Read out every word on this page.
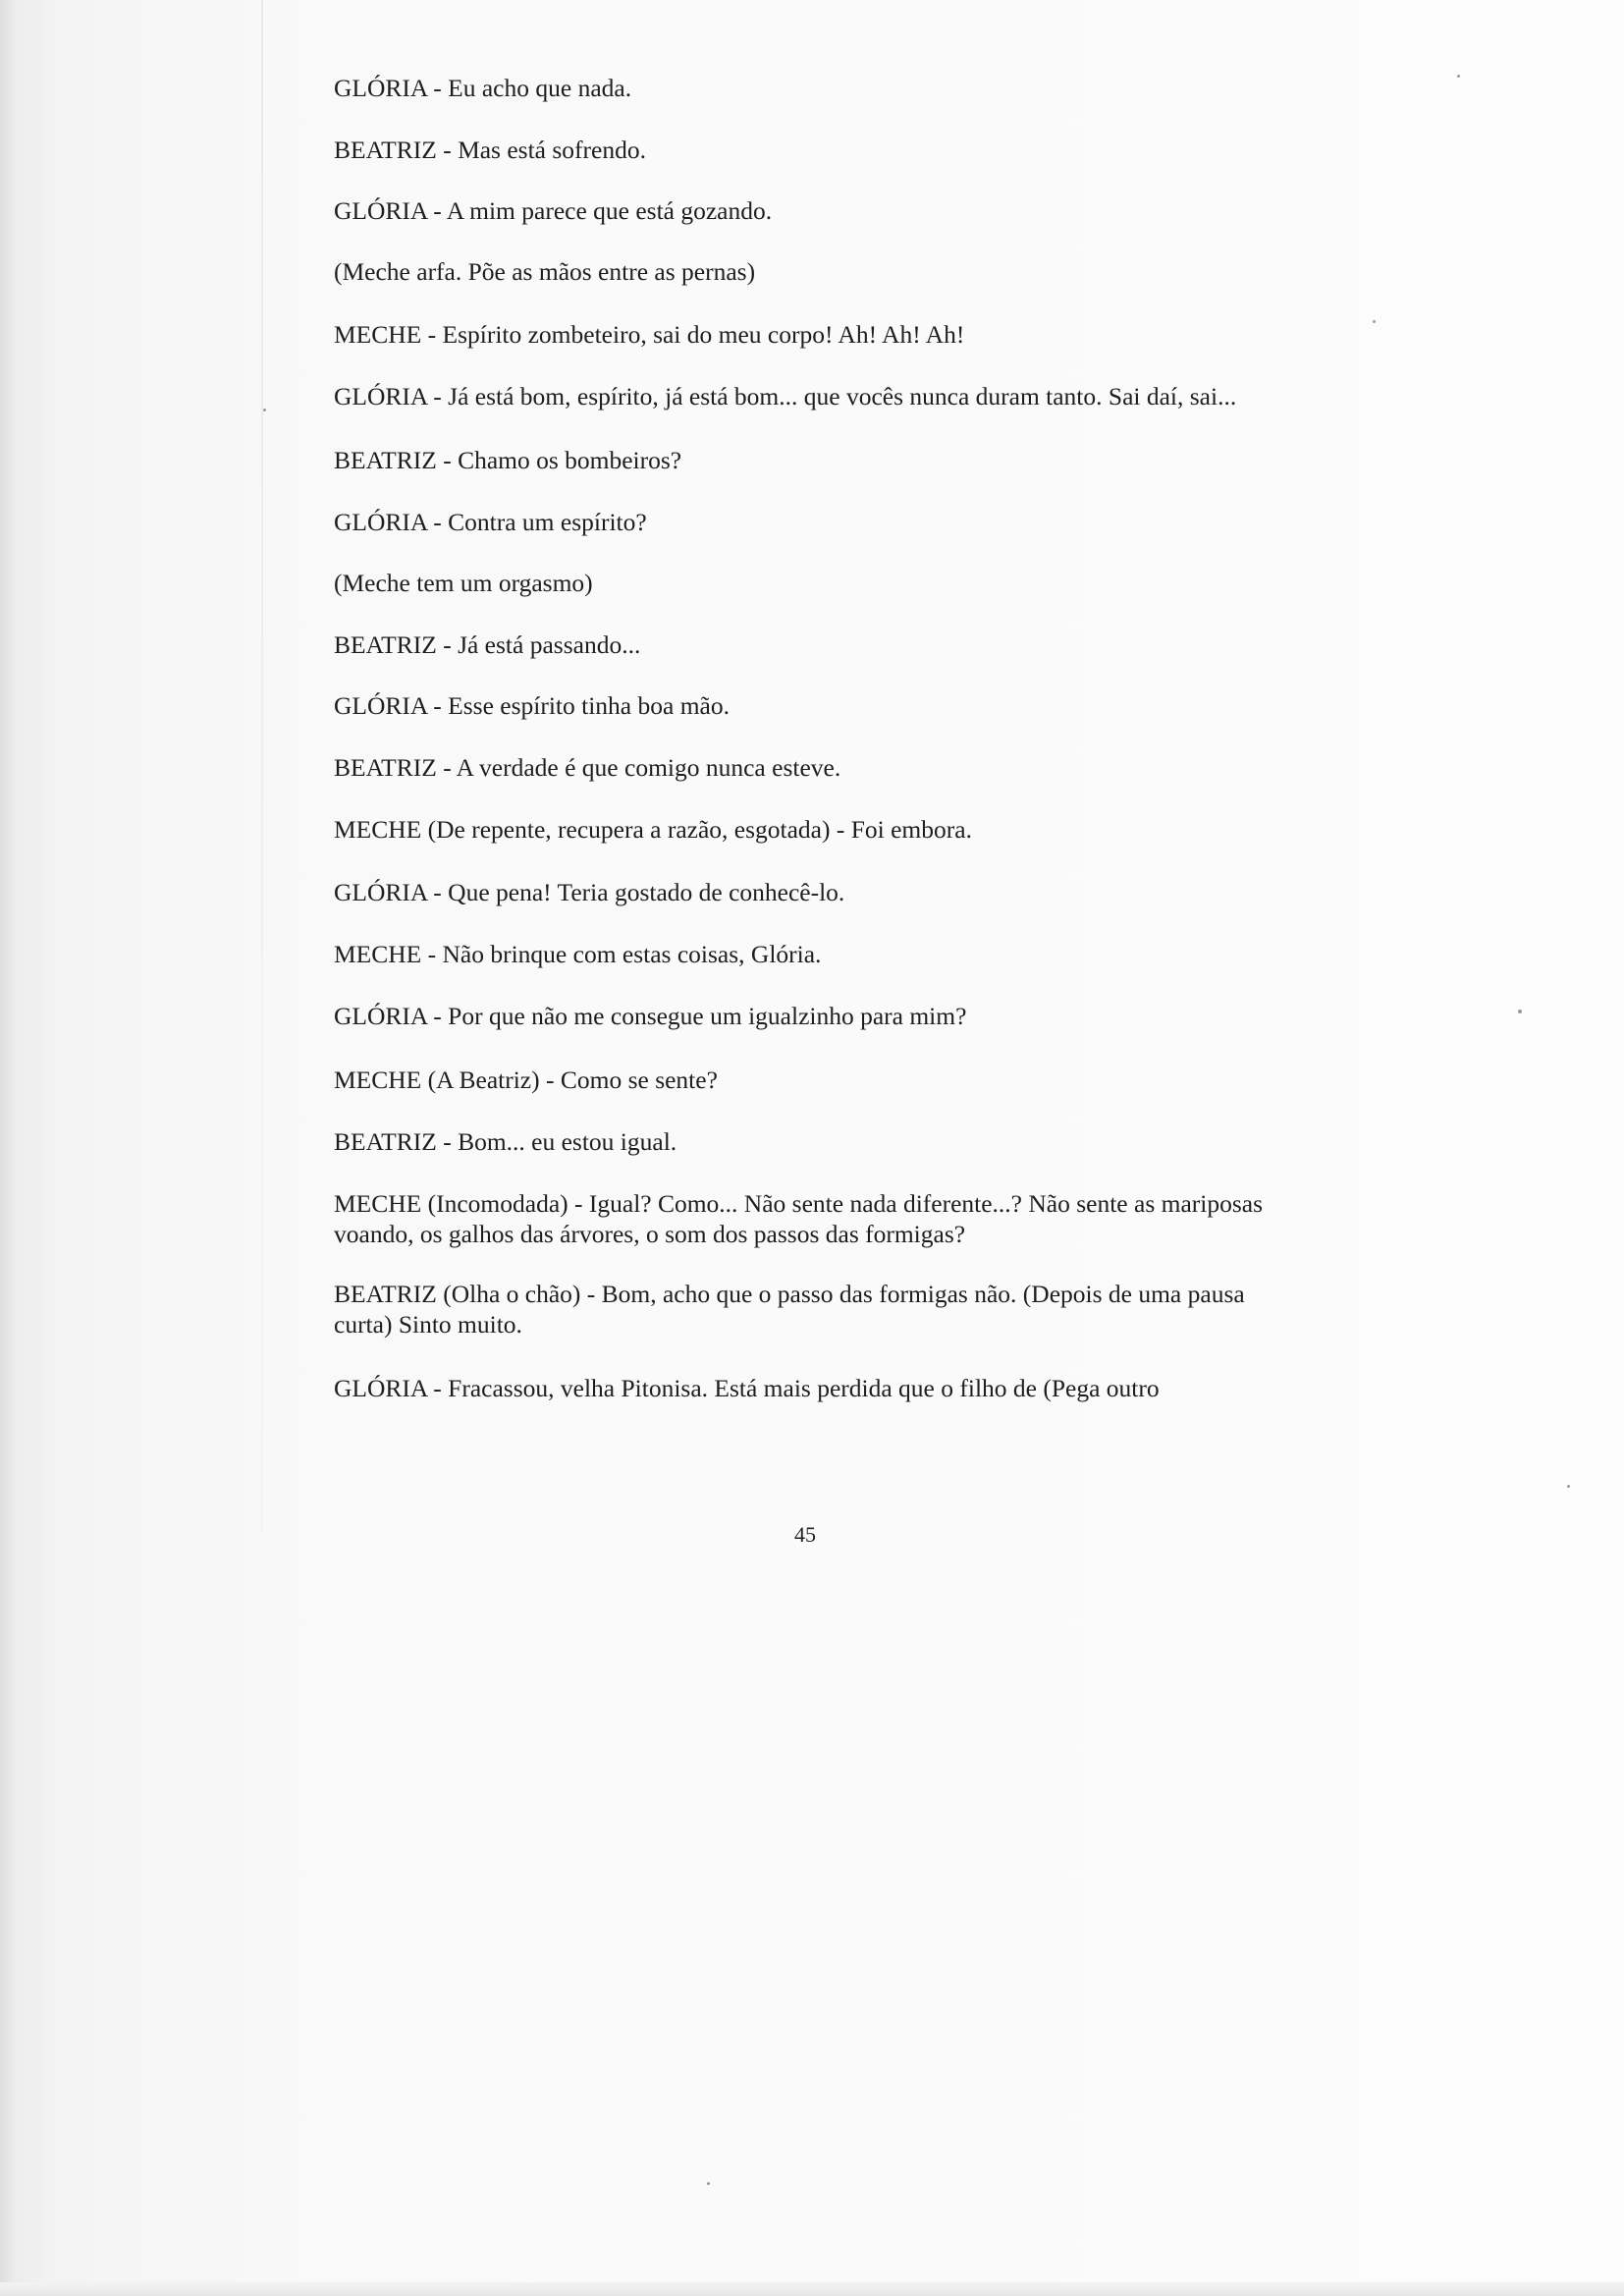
GLÓRIA - Eu acho que nada.

BEATRIZ - Mas está sofrendo.

GLÓRIA - A mim parece que está gozando.

(Meche arfa. Põe as mãos entre as pernas)

MECHE - Espírito zombeteiro, sai do meu corpo! Ah! Ah! Ah!

GLÓRIA - Já está bom, espírito, já está bom... que vocês nunca duram tanto. Sai daí, sai...

BEATRIZ - Chamo os bombeiros?

GLÓRIA - Contra um espírito?

(Meche tem um orgasmo)

BEATRIZ - Já está passando...

GLÓRIA - Esse espírito tinha boa mão.

BEATRIZ - A verdade é que comigo nunca esteve.

MECHE (De repente, recupera a razão, esgotada) - Foi embora.

GLÓRIA - Que pena! Teria gostado de conhecê-lo.

MECHE - Não brinque com estas coisas, Glória.

GLÓRIA - Por que não me consegue um igualzinho para mim?

MECHE (A Beatriz) - Como se sente?

BEATRIZ - Bom... eu estou igual.

MECHE (Incomodada) - Igual? Como... Não sente nada diferente...? Não sente as mariposas voando, os galhos das árvores, o som dos passos das formigas?

BEATRIZ (Olha o chão) - Bom, acho que o passo das formigas não. (Depois de uma pausa curta) Sinto muito.

GLÓRIA - Fracassou, velha Pitonisa. Está mais perdida que o filho de (Pega outro

45
